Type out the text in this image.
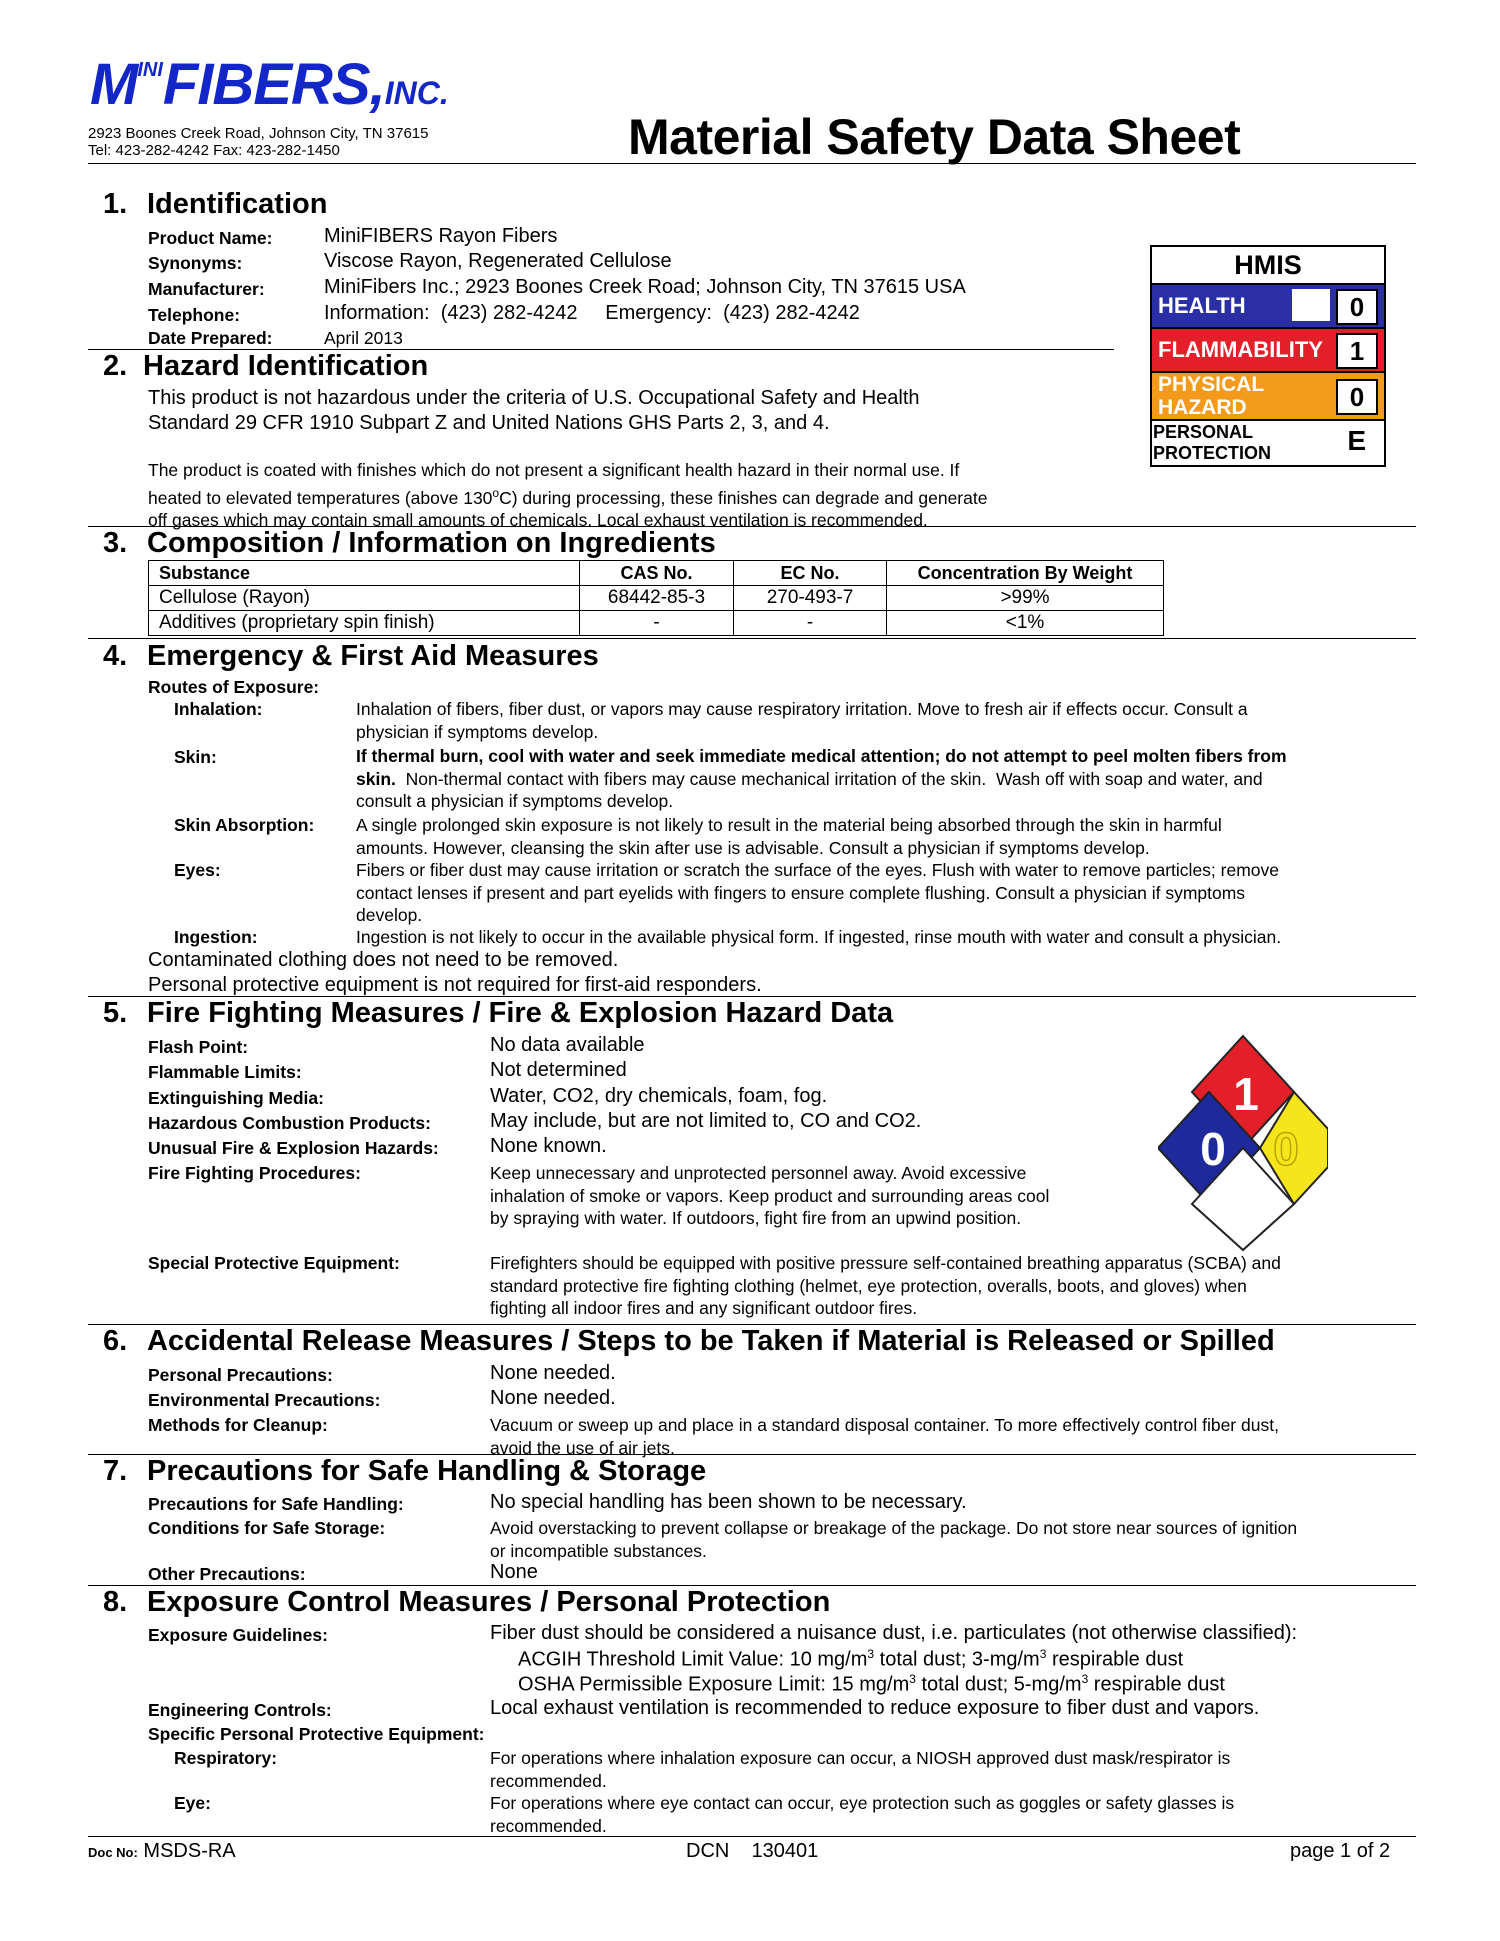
MINIFIBERS,INC.
2923 Boones Creek Road, Johnson City, TN 37615
Tel: 423-282-4242 Fax: 423-282-1450	Material Safety Data Sheet
HMIS
HEALTH	0
FLAMMABILITY	1
PHYSICAL
HAZARD	0
PERSONAL
PROTECTION	E
1. Identification
Product Name:	MiniFIBERS Rayon Fibers
Synonyms:	Viscose Rayon, Regenerated Cellulose
Manufacturer:	MiniFibers Inc.; 2923 Boones Creek Road; Johnson City, TN 37615 USA
Telephone:	Information:  (423) 282-4242     Emergency:  (423) 282-4242
Date Prepared:	April 2013
2. Hazard Identification
This product is not hazardous under the criteria of U.S. Occupational Safety and Health
Standard 29 CFR 1910 Subpart Z and United Nations GHS Parts 2, 3, and 4.
The product is coated with finishes which do not present a significant health hazard in their normal use. If
heated to elevated temperatures (above 130$^o$C) during processing, these finishes can degrade and generate
off gases which may contain small amounts of chemicals. Local exhaust ventilation is recommended.
3. Composition / Information on Ingredients
Substance	CAS No.	EC No.	Concentration By Weight
Cellulose (Rayon)	68442-85-3	270-493-7	>99%
Additives (proprietary spin finish)	-	-	<1%
4. Emergency & First Aid Measures
Routes of Exposure:
Inhalation:	Inhalation of fibers, fiber dust, or vapors may cause respiratory irritation. Move to fresh air if effects occur. Consult a
physician if symptoms develop.
Skin:	If thermal burn, cool with water and seek immediate medical attention; do not attempt to peel molten fibers from
skin.  Non-thermal contact with fibers may cause mechanical irritation of the skin.  Wash off with soap and water, and
consult a physician if symptoms develop.
Skin Absorption: A single prolonged skin exposure is not likely to result in the material being absorbed through the skin in harmful
amounts. However, cleansing the skin after use is advisable. Consult a physician if symptoms develop.
Eyes:	Fibers or fiber dust may cause irritation or scratch the surface of the eyes. Flush with water to remove particles; remove
contact lenses if present and part eyelids with fingers to ensure complete flushing. Consult a physician if symptoms
develop.
Ingestion:	Ingestion is not likely to occur in the available physical form. If ingested, rinse mouth with water and consult a physician.
Contaminated clothing does not need to be removed.
Personal protective equipment is not required for first-aid responders.
5. Fire Fighting Measures / Fire & Explosion Hazard Data
Flash Point:	No data available
Flammable Limits:	Not determined
Extinguishing Media:	Water, CO2, dry chemicals, foam, fog.
Hazardous Combustion Products:	May include, but are not limited to, CO and CO2.
Unusual Fire & Explosion Hazards:	None known.
Fire Fighting Procedures:	Keep unnecessary and unprotected personnel away. Avoid excessive
inhalation of smoke or vapors. Keep product and surrounding areas cool
by spraying with water. If outdoors, fight fire from an upwind position.
1
0 0
Special Protective Equipment:	Firefighters should be equipped with positive pressure self-contained breathing apparatus (SCBA) and
standard protective fire fighting clothing (helmet, eye protection, overalls, boots, and gloves) when
fighting all indoor fires and any significant outdoor fires.
6. Accidental Release Measures / Steps to be Taken if Material is Released or Spilled
Personal Precautions:	None needed.
Environmental Precautions:	None needed.
Methods for Cleanup:	Vacuum or sweep up and place in a standard disposal container. To more effectively control fiber dust,
avoid the use of air jets.
7. Precautions for Safe Handling & Storage
Precautions for Safe Handling:	No special handling has been shown to be necessary.
Conditions for Safe Storage:	Avoid overstacking to prevent collapse or breakage of the package. Do not store near sources of ignition
or incompatible substances.
Other Precautions:	None
8. Exposure Control Measures / Personal Protection
Exposure Guidelines:	Fiber dust should be considered a nuisance dust, i.e. particulates (not otherwise classified):
ACGIH Threshold Limit Value: 10 $mg/m^3$ total dust; $3-mg/m^3$ respirable dust
OSHA Permissible Exposure Limit: 15 $mg/m^3$ total dust; $5-mg/m^3$ respirable dust
Engineering Controls:	Local exhaust ventilation is recommended to reduce exposure to fiber dust and vapors.
Specific Personal Protective Equipment:
Respiratory:	For operations where inhalation exposure can occur, a NIOSH approved dust mask/respirator is
recommended.
Eye:	For operations where eye contact can occur, eye protection such as goggles or safety glasses is
recommended.
Doc No: MSDS-RA	DCN    130401	page 1 of 2
